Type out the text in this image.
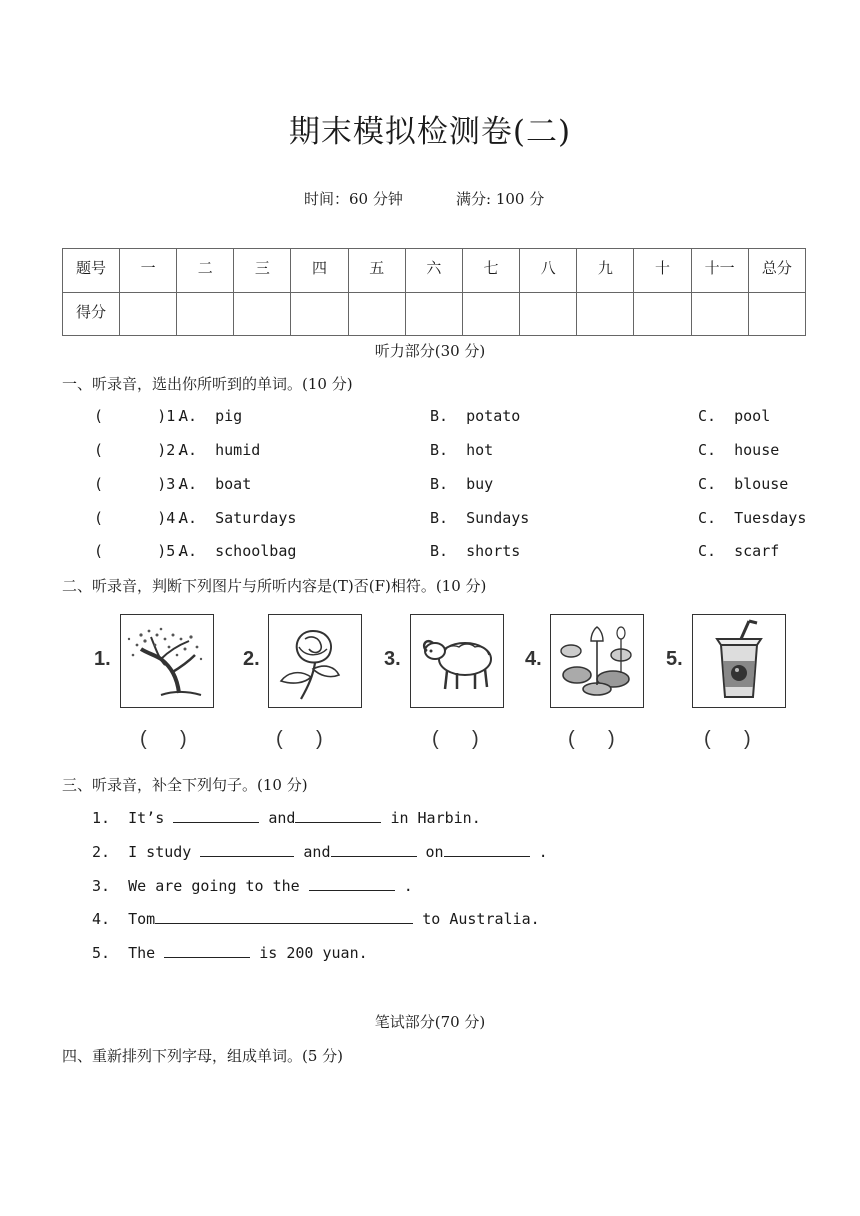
期末模拟检测卷(二)
时间：60 分钟	满分: 100 分
题号	一	二	三	四	五	六	七	八	九	十	十一	总分
得分												
听力部分(30 分)
一、听录音，选出你所听到的单词。(10 分)
(      )1.
A.  pig	B.  potato	C.  pool
(      )2.
A.  humid	B.  hot	C.  house
(      )3.
A.  boat	B.  buy	C.  blouse
(      )4.
A.  Saturdays	B.  Sundays	C.  Tuesdays
(      )5.
A.  schoolbag	B.  shorts	C.  scarf
二、听录音，判断下列图片与所听内容是(T)否(F)相符。(10 分)
1.	2.	3.	4.	5.
(      )	(      )	(      )	(      )	(      )
三、听录音，补全下列句子。(10 分)
1. It’s	and	in Harbin.
2. I study	and	on	.
3. We are going to the	.
4. Tom	to Australia.
5. The	is 200 yuan.
笔试部分(70 分)
四、重新排列下列字母，组成单词。(5 分)
